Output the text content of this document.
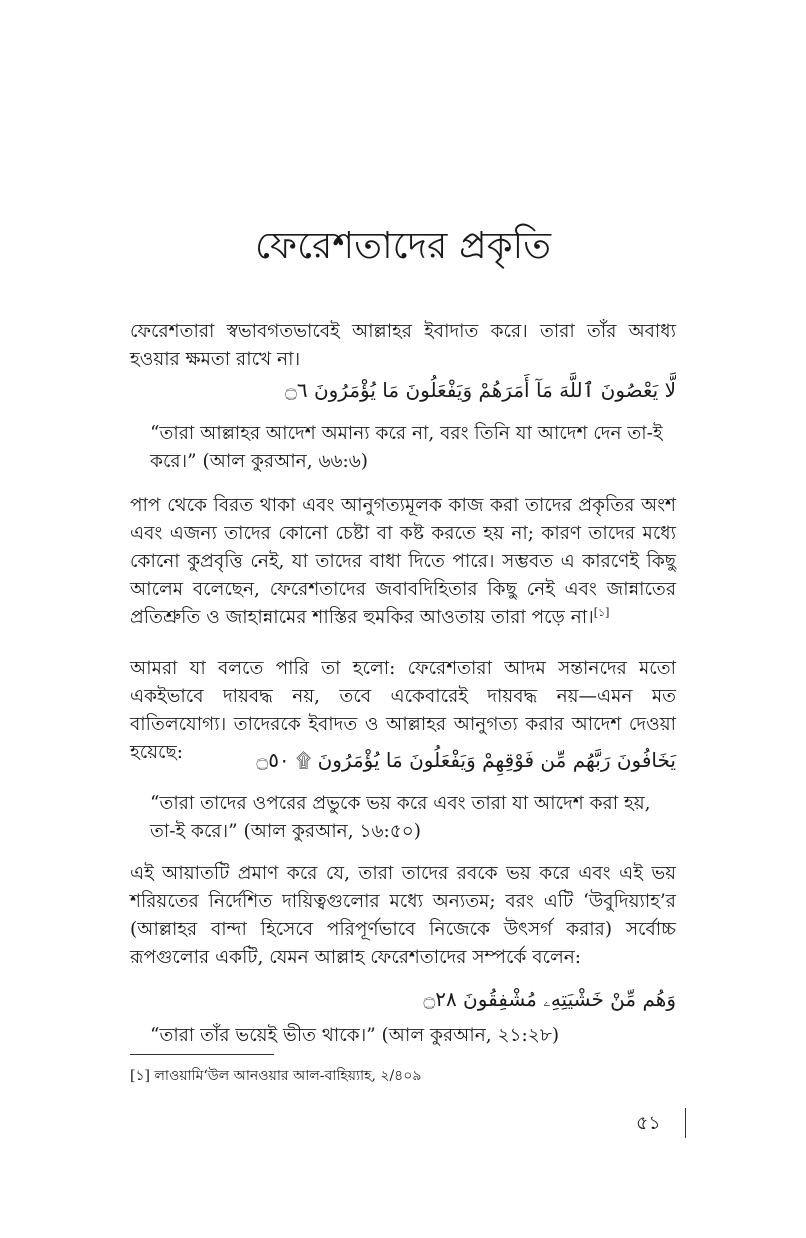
ফেরেশতাদের প্রকৃতি

ফেরেশতারা স্বভাবগতভাবেই আল্লাহর ইবাদাত করে। তারা তাঁর অবাধ্য হওয়ার ক্ষমতা রাখে না।

لَّا يَعْصُونَ ٱللَّهَ مَآ أَمَرَهُمْ وَيَفْعَلُونَ مَا يُؤْمَرُونَ ۝٦

“তারা আল্লাহর আদেশ অমান্য করে না, বরং তিনি যা আদেশ দেন তা-ই করে।” (আল কুরআন, ৬৬:৬)

পাপ থেকে বিরত থাকা এবং আনুগত্যমূলক কাজ করা তাদের প্রকৃতির অংশ এবং এজন্য তাদের কোনো চেষ্টা বা কষ্ট করতে হয় না; কারণ তাদের মধ্যে কোনো কুপ্রবৃত্তি নেই, যা তাদের বাধা দিতে পারে। সম্ভবত এ কারণেই কিছু আলেম বলেছেন, ফেরেশতাদের জবাবদিহিতার কিছু নেই এবং জান্নাতের প্রতিশ্রুতি ও জাহান্নামের শাস্তির হুমকির আওতায় তারা পড়ে না।[১]

আমরা যা বলতে পারি তা হলো: ফেরেশতারা আদম সন্তানদের মতো একইভাবে দায়বদ্ধ নয়, তবে একেবারেই দায়বদ্ধ নয়—এমন মত বাতিলযোগ্য। তাদেরকে ইবাদত ও আল্লাহর আনুগত্য করার আদেশ দেওয়া হয়েছে:	يَخَافُونَ رَبَّهُم مِّن فَوْقِهِمْ وَيَفْعَلُونَ مَا يُؤْمَرُونَ ۩ ۝٥٠

“তারা তাদের ওপরের প্রভুকে ভয় করে এবং তারা যা আদেশ করা হয়, তা-ই করে।” (আল কুরআন, ১৬:৫০)

এই আয়াতটি প্রমাণ করে যে, তারা তাদের রবকে ভয় করে এবং এই ভয় শরিয়তের নির্দেশিত দায়িত্বগুলোর মধ্যে অন্যতম; বরং এটি ‘উবুদিয়্যাহ’র (আল্লাহর বান্দা হিসেবে পরিপূর্ণভাবে নিজেকে উৎসর্গ করার) সর্বোচ্চ রূপগুলোর একটি, যেমন আল্লাহ ফেরেশতাদের সম্পর্কে বলেন:

وَهُم مِّنْ خَشْيَتِهِۦ مُشْفِقُونَ ۝٢٨

“তারা তাঁর ভয়েই ভীত থাকে।” (আল কুরআন, ২১:২৮)

[১] লাওয়ামি‘উল আনওয়ার আল-বাহিয়্যাহ, ২/৪০৯

৫১
